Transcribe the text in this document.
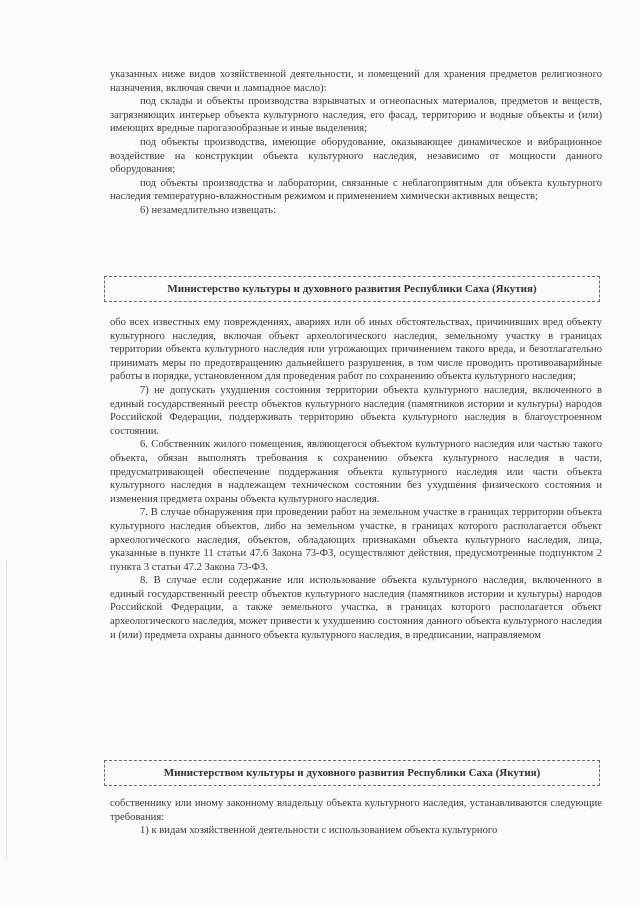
указанных ниже видов хозяйственной деятельности, и помещений для хранения предметов религиозного назначения, включая свечи и лампадное масло):

под склады и объекты производства взрывчатых и огнеопасных материалов, предметов и веществ, загрязняющих интерьер объекта культурного наследия, его фасад, территорию и водные объекты и (или) имеющих вредные парогазообразные и иные выделения;

под объекты производства, имеющие оборудование, оказывающее динамическое и вибрационное воздействие на конструкции объекта культурного наследия, независимо от мощности данного оборудования;

под объекты производства и лаборатории, связанные с неблагоприятным для объекта культурного наследия температурно-влажностным режимом и применением химически активных веществ;

6) незамедлительно извещать:

Министерство культуры и духовного развития Республики Саха (Якутия)

обо всех известных ему повреждениях, авариях или об иных обстоятельствах, причинивших вред объекту культурного наследия, включая объект археологического наследия, земельному участку в границах территории объекта культурного наследия или угрожающих причинением такого вреда, и безотлагательно принимать меры по предотвращению дальнейшего разрушения, в том числе проводить противоаварийные работы в порядке, установленном для проведения работ по сохранению объекта культурного наследия;

7) не допускать ухудшения состояния территории объекта культурного наследия, включенного в единый государственный реестр объектов культурного наследия (памятников истории и культуры) народов Российской Федерации, поддерживать территорию объекта культурного наследия в благоустроенном состоянии.

6. Собственник жилого помещения, являющегося объектом культурного наследия или частью такого объекта, обязан выполнять требования к сохранению объекта культурного наследия в части, предусматривающей обеспечение поддержания объекта культурного наследия или части объекта культурного наследия в надлежащем техническом состоянии без ухудшения физического состояния и изменения предмета охраны объекта культурного наследия.

7. В случае обнаружения при проведении работ на земельном участке в границах территории объекта культурного наследия объектов, либо на земельном участке, в границах которого располагается объект археологического наследия, объектов, обладающих признаками объекта культурного наследия, лица, указанные в пункте 11 статьи 47.6 Закона 73-ФЗ, осуществляют действия, предусмотренные подпунктом 2 пункта 3 статьи 47.2 Закона 73-ФЗ.

8. В случае если содержание или использование объекта культурного наследия, включенного в единый государственный реестр объектов культурного наследия (памятников истории и культуры) народов Российской Федерации, а также земельного участка, в границах которого располагается объект археологического наследия, может привести к ухудшению состояния данного объекта культурного наследия и (или) предмета охраны данного объекта культурного наследия, в предписании, направляемом

Министерством культуры и духовного развития Республики Саха (Якутия)

собственнику или иному законному владельцу объекта культурного наследия, устанавливаются следующие требования:

1) к видам хозяйственной деятельности с использованием объекта культурного
